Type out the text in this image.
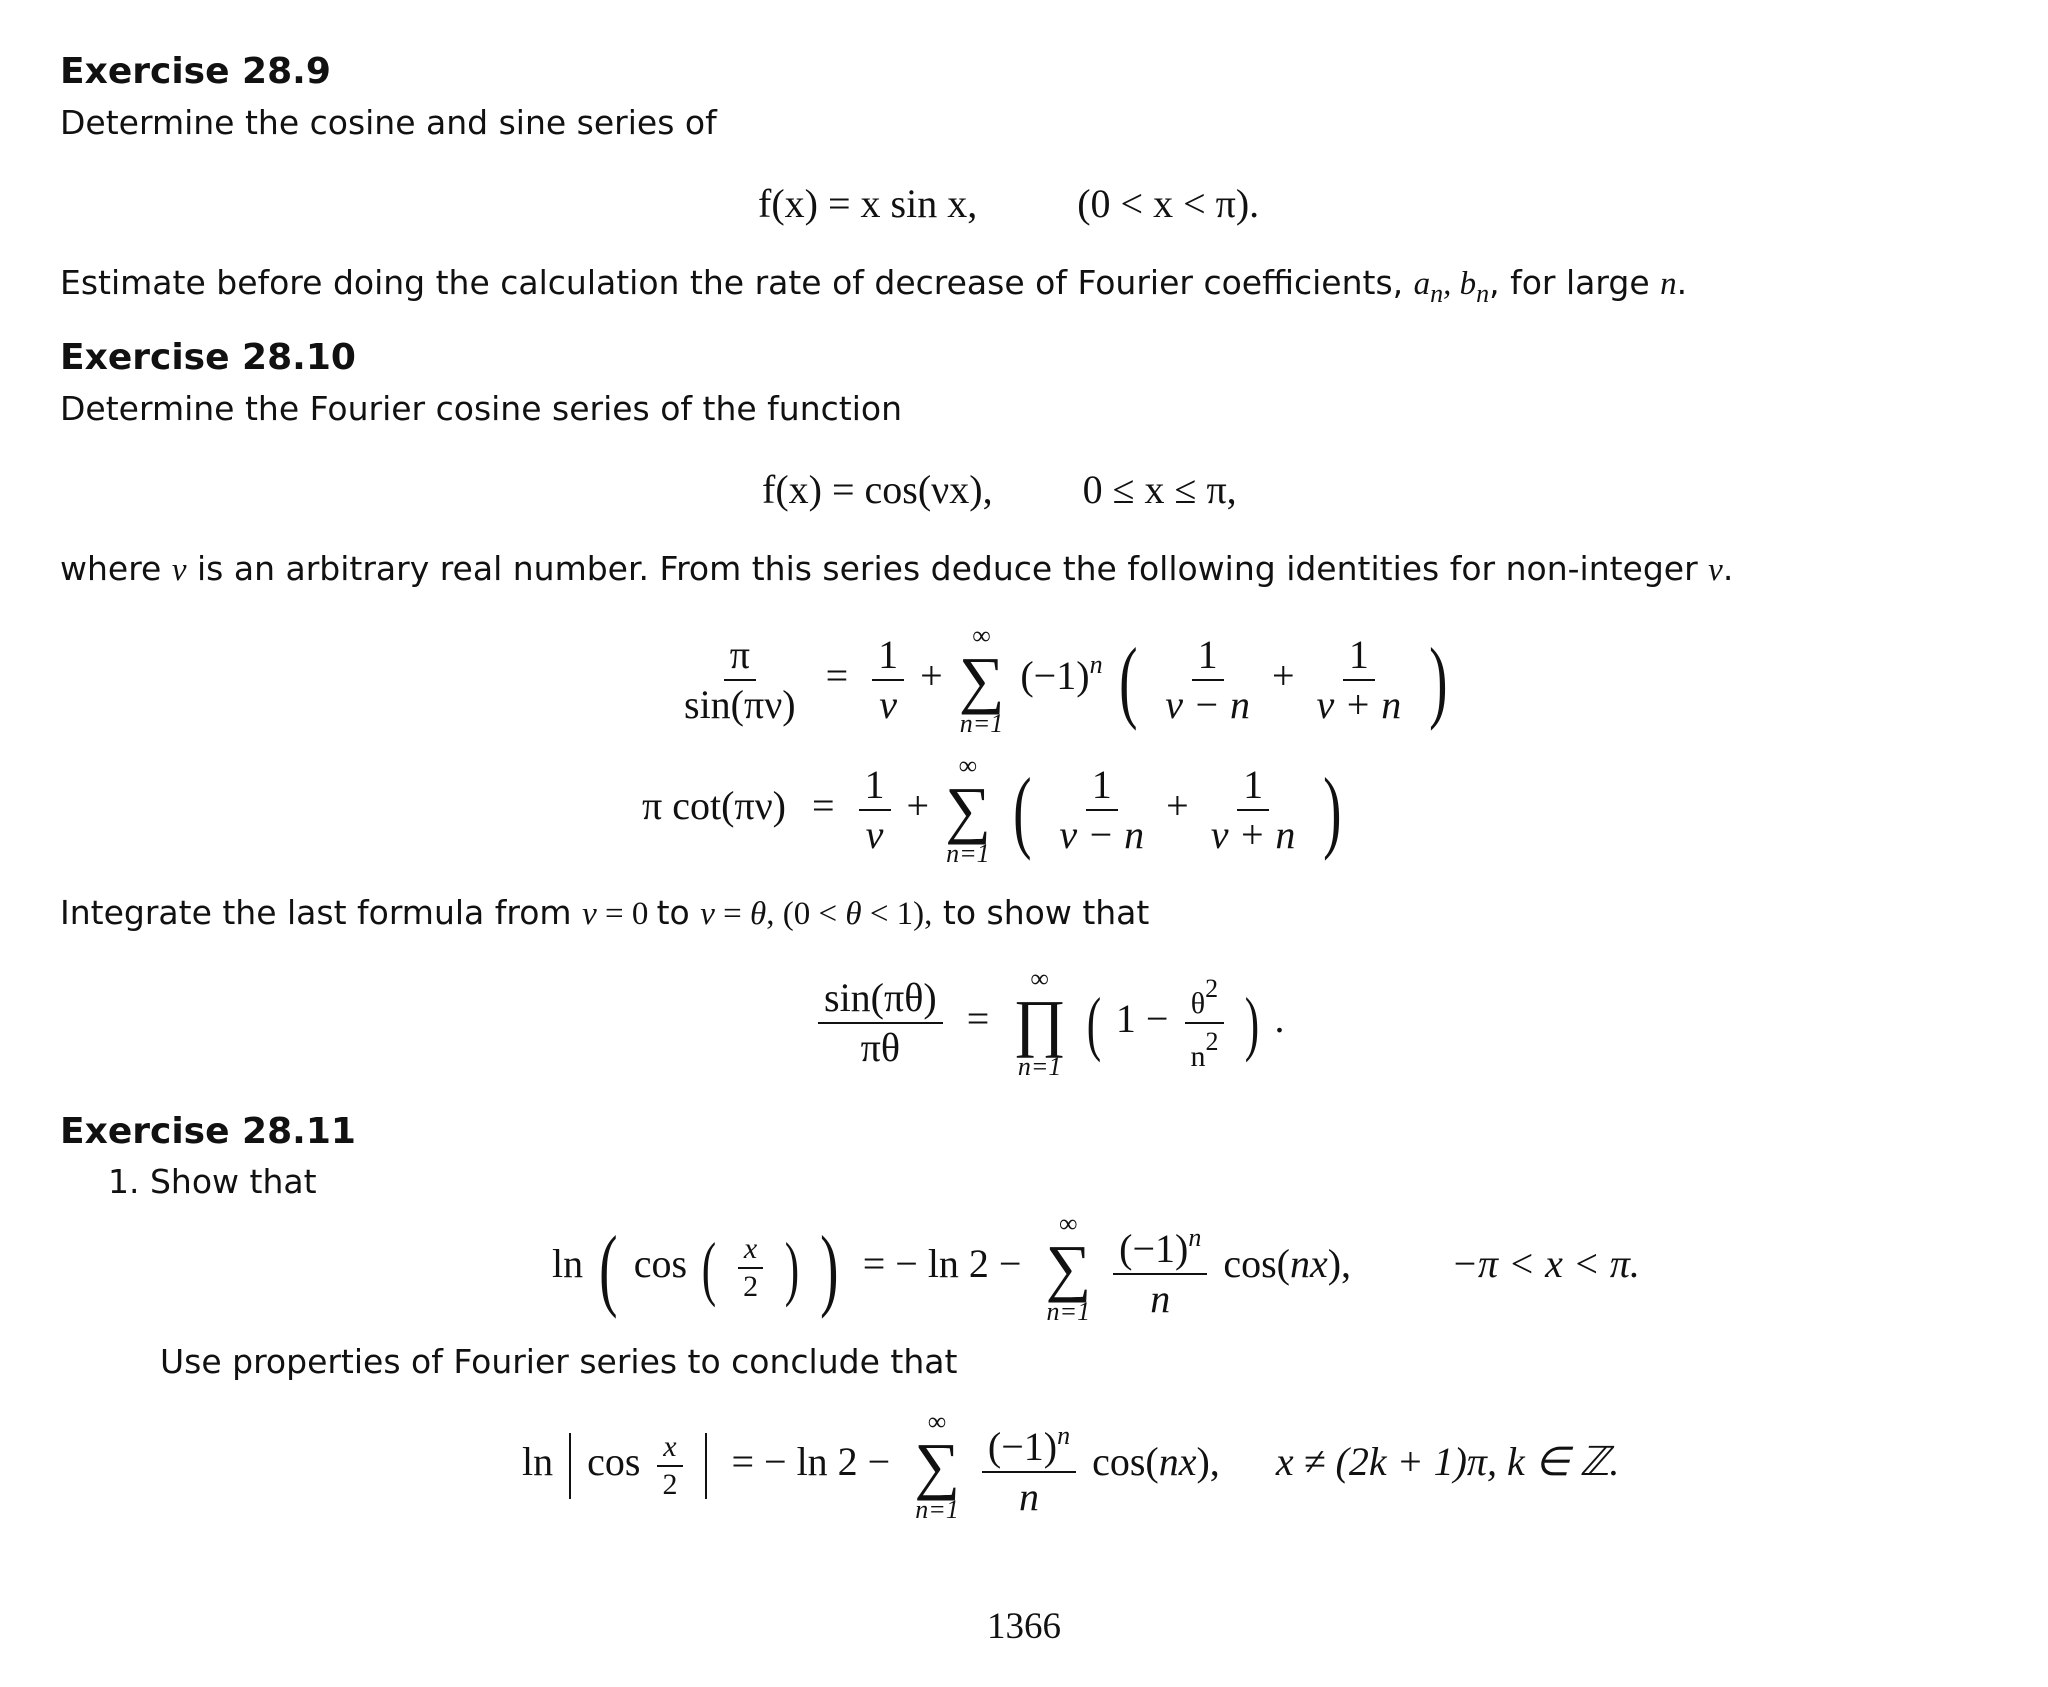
Exercise 28.9
Determine the cosine and sine series of
f(x) = x sin x,	(0 < x < π).
Estimate before doing the calculation the rate of decrease of Fourier coefficients, $a_n$, $b_n$, for large n.
Exercise 28.10
Determine the Fourier cosine series of the function
f(x) = cos(νx), 0 ≤ x ≤ π,
where ν is an arbitrary real number. From this series deduce the following identities for non-integer ν.
$\frac{\pi}{\sin(\pi\nu)} = \frac{1}{\nu}$ +
∞
∑
n=1
$(-1)^n$ ( $\frac{1}{\nu - n} + \frac{1}{\nu + n}$ )
π $\cot(\pi\nu) = \frac{1}{\nu}$ +
∞
∑
n=1 ( $\frac{1}{\nu - n} + \frac{1}{\nu + n}$ )
Integrate the last formula from ν = 0 to ν = θ, (0 < θ < 1), to show that
$\frac{\sin(\pi\theta)}{\pi\theta}$ =
∞
∏
n=1
( $1 - \frac{\theta 2}{n2}$ ) .
Exercise 28.11
1. Show that
ln ( cos ( $\frac{x}{2}$ ) ) = − ln 2 −
∞
∑
n=1
$\frac{(-1)^n}{n} \cos(nx)$,	−π < x < π.
Use properties of Fourier series to conclude that
$\ln \cos \frac{x}{2}$ = − ln 2 −
∞
∑
n=1
$\frac{(-1)^n}{n} \cos(nx)$, x ≠ (2k + 1)π, k ∈ ℤ.
1366
